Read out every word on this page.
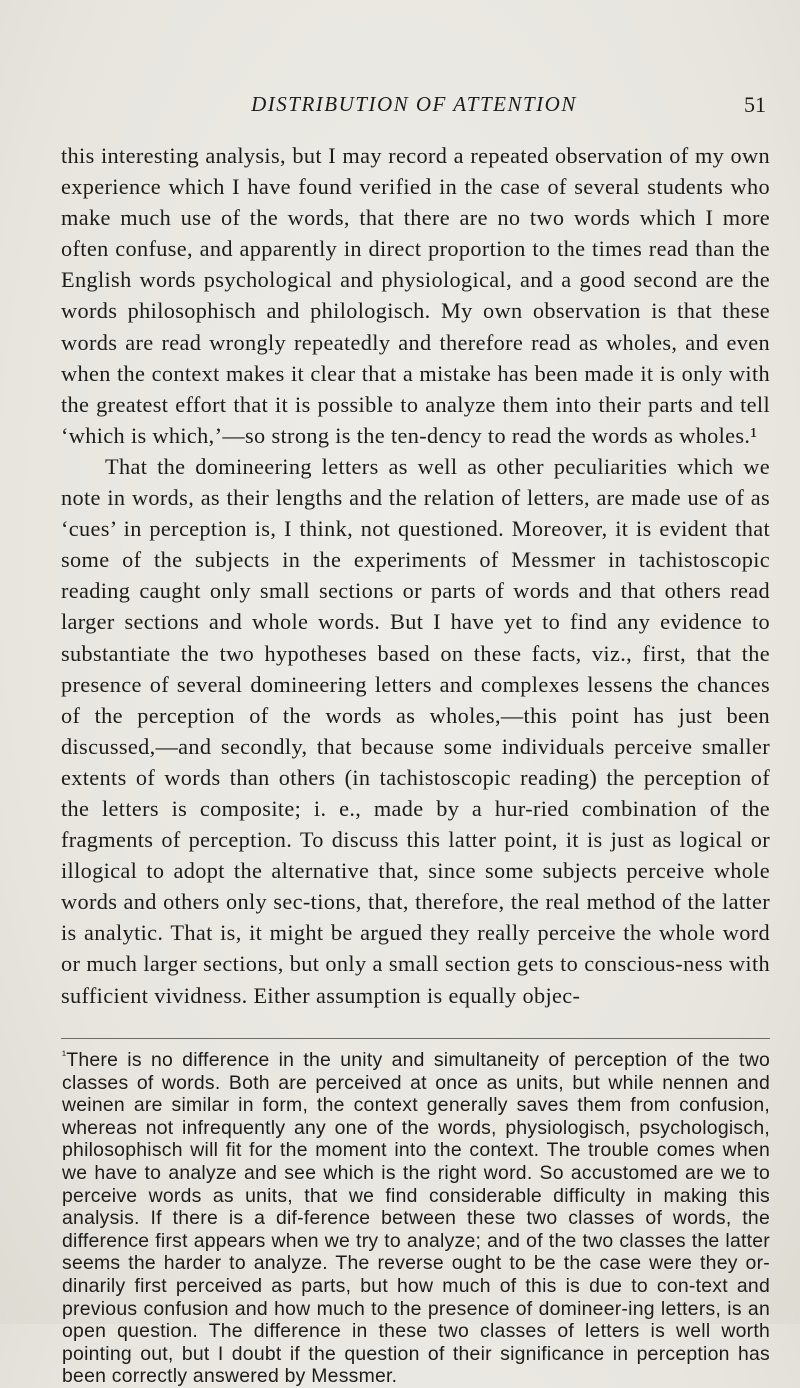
DISTRIBUTION OF ATTENTION	51

this interesting analysis, but I may record a repeated observation of my own experience which I have found verified in the case of several students who make much use of the words, that there are no two words which I more often confuse, and apparently in direct proportion to the times read than the English words psychological and physiological, and a good second are the words philosophisch and philologisch. My own observation is that these words are read wrongly repeatedly and therefore read as wholes, and even when the context makes it clear that a mistake has been made it is only with the greatest effort that it is possible to analyze them into their parts and tell ‘which is which,’—so strong is the ten-dency to read the words as wholes.¹

That the domineering letters as well as other peculiarities which we note in words, as their lengths and the relation of letters, are made use of as ‘cues’ in perception is, I think, not questioned. Moreover, it is evident that some of the subjects in the experiments of Messmer in tachistoscopic reading caught only small sections or parts of words and that others read larger sections and whole words. But I have yet to find any evidence to substantiate the two hypotheses based on these facts, viz., first, that the presence of several domineering letters and complexes lessens the chances of the perception of the words as wholes,—this point has just been discussed,—and secondly, that because some individuals perceive smaller extents of words than others (in tachistoscopic reading) the perception of the letters is composite; i. e., made by a hur-ried combination of the fragments of perception. To discuss this latter point, it is just as logical or illogical to adopt the alternative that, since some subjects perceive whole words and others only sec-tions, that, therefore, the real method of the latter is analytic. That is, it might be argued they really perceive the whole word or much larger sections, but only a small section gets to conscious-ness with sufficient vividness. Either assumption is equally objec-

$^{^1}$There is no difference in the unity and simultaneity of perception of the two classes of words. Both are perceived at once as units, but while nennen and weinen are similar in form, the context generally saves them from confusion, whereas not infrequently any one of the words, physiologisch, psychologisch, philosophisch will fit for the moment into the context. The trouble comes when we have to analyze and see which is the right word. So accustomed are we to perceive words as units, that we find considerable difficulty in making this analysis. If there is a dif-ference between these two classes of words, the difference first appears when we try to analyze; and of the two classes the latter seems the harder to analyze. The reverse ought to be the case were they or-dinarily first perceived as parts, but how much of this is due to con-text and previous confusion and how much to the presence of domineer-ing letters, is an open question. The difference in these two classes of letters is well worth pointing out, but I doubt if the question of their significance in perception has been correctly answered by Messmer.
